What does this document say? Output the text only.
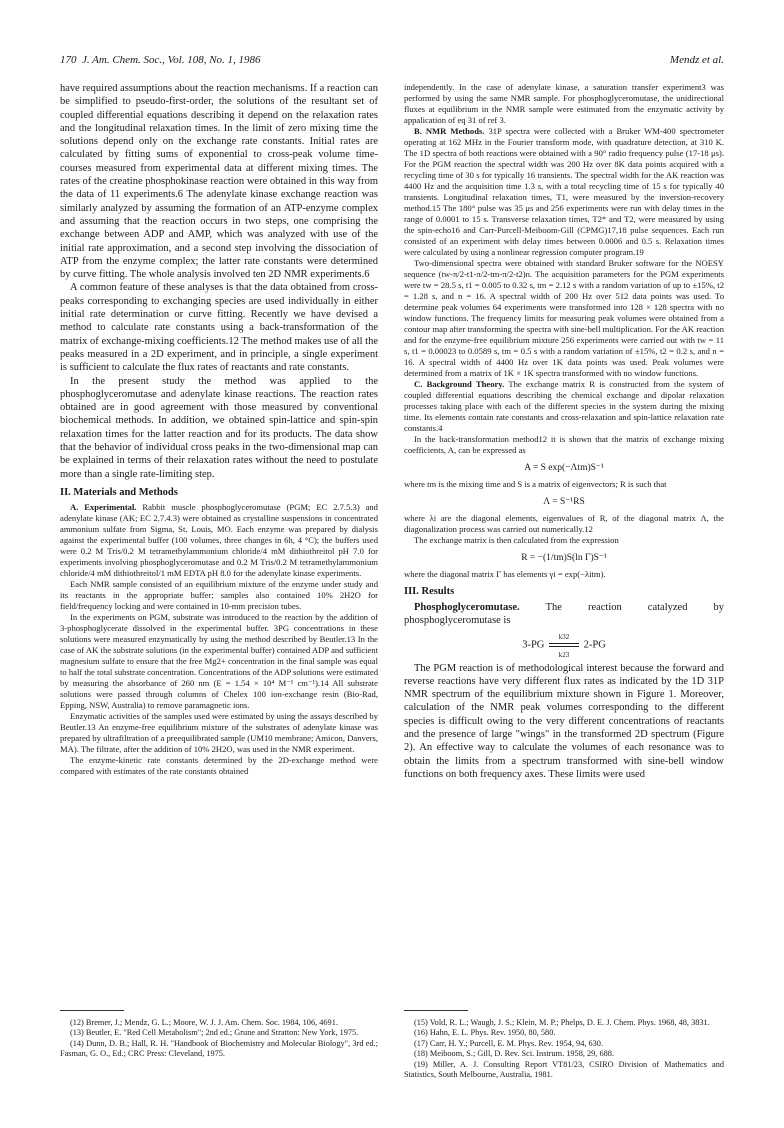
170 J. Am. Chem. Soc., Vol. 108, No. 1, 1986	Mendz et al.

have required assumptions about the reaction mechanisms. If a reaction can be simplified to pseudo-first-order, the solutions of the resultant set of coupled differential equations describing it depend on the relaxation rates and the longitudinal relaxation times. In the limit of zero mixing time the solutions depend only on the exchange rate constants. Initial rates are calculated by fitting sums of exponential to cross-peak volume time-courses measured from experimental data at different mixing times. The rates of the creatine phosphokinase reaction were obtained in this way from the data of 11 experiments.6 The adenylate kinase exchange reaction was similarly analyzed by assuming the formation of an ATP-enzyme complex and assuming that the reaction occurs in two steps, one comprising the exchange between ADP and AMP, which was analyzed with use of the initial rate approximation, and a second step involving the dissociation of ATP from the enzyme complex; the latter rate constants were determined by curve fitting. The whole analysis involved ten 2D NMR experiments.6

A common feature of these analyses is that the data obtained from cross-peaks corresponding to exchanging species are used individually in either initial rate determination or curve fitting. Recently we have devised a method to calculate rate constants using a back-transformation of the matrix of exchange-mixing coefficients.12 The method makes use of all the peaks measured in a 2D experiment, and in principle, a single experiment is sufficient to calculate the flux rates of reactants and rate constants.

In the present study the method was applied to the phosphoglyceromutase and adenylate kinase reactions. The reaction rates obtained are in good agreement with those measured by conventional biochemical methods. In addition, we obtained spin-lattice and spin-spin relaxation times for the latter reaction and for its products. The data show that the behavior of individual cross peaks in the two-dimensional map can be explained in terms of their relaxation rates without the need to postulate more than a single rate-limiting step.

II. Materials and Methods

A. Experimental. Rabbit muscle phosphoglyceromutase (PGM; EC 2.7.5.3) and adenylate kinase (AK; EC 2.7.4.3) were obtained as crystalline suspensions in concentrated ammonium sulfate from Sigma, St. Louis, MO. Each enzyme was prepared by dialysis against the experimental buffer (100 volumes, three changes in 6h, 4 °C); the buffers used were 0.2 M Tris/0.2 M tetramethylammonium chloride/4 mM dithiothreitol pH 7.0 for experiments involving phosphoglyceromutase and 0.2 M Tris/0.2 M tetramethylammonium chloride/4 mM dithiothreitol/1 mM EDTA pH 8.0 for the adenylate kinase experiments.

Each NMR sample consisted of an equilibrium mixture of the enzyme under study and its reactants in the appropriate buffer; samples also contained 10% 2H2O for field/frequency locking and were contained in 10-mm precision tubes.

In the experiments on PGM, substrate was introduced to the reaction by the addition of 3-phosphoglycerate dissolved in the experimental buffer. 3PG concentrations in these solutions were measured enzymatically by using the method described by Beutler.13 In the case of AK the substrate solutions (in the experimental buffer) contained ADP and sufficient magnesium sulfate to ensure that the free Mg2+ concentration in the final sample was equal to half the total substrate concentration. Concentrations of the ADP solutions were estimated by measuring the absorbance of 260 nm (E = 1.54 × 10⁴ M⁻¹ cm⁻¹).14 All substrate solutions were passed through columns of Chelex 100 ion-exchange resin (Bio-Rad, Epping, NSW, Australia) to remove paramagnetic ions.

Enzymatic activities of the samples used were estimated by using the assays described by Beutler.13 An enzyme-free equilibrium mixture of the substrates of adenylate kinase was prepared by ultrafiltration of a preequilibrated sample (UM10 membrane; Amicon, Danvers, MA). The filtrate, after the addition of 10% 2H2O, was used in the NMR experiment.

The enzyme-kinetic rate constants determined by the 2D-exchange method were compared with estimates of the rate constants obtained

independently. In the case of adenylate kinase, a saturation transfer experiment3 was performed by using the same NMR sample. For phosphoglyceromutase, the unidirectional fluxes at equilibrium in the NMR sample were estimated from the enzymatic activity by appalication of eq 31 of ref 3.

B. NMR Methods. 31P spectra were collected with a Bruker WM-400 spectrometer operating at 162 MHz in the Fourier transform mode, with quadrature detection, at 310 K. The 1D spectra of both reactions were obtained with a 90° radio frequency pulse (17-18 μs). For the PGM reaction the spectral width was 200 Hz over 8K data points acquired with a recycling time of 30 s for typically 16 transients. The spectral width for the AK reaction was 4400 Hz and the acquisition time 1.3 s, with a total recycling time of 15 s for typically 40 transients. Longitudinal relaxation times, T1, were measured by the inversion-recovery method.15 The 180° pulse was 35 μs and 256 experiments were run with delay times in the range of 0.0001 to 15 s. Transverse relaxation times, T2* and T2, were measured by using the spin-echo16 and Carr-Purcell-Meiboom-Gill (CPMG)17,18 pulse sequences. Each run consisted of an experiment with delay times between 0.0006 and 0.5 s. Relaxation times were calculated by using a nonlinear regression computer program.19

Two-dimensional spectra were obtained with standard Bruker software for the NOESY sequence (tw-π/2-t1-π/2-tm-π/2-t2)n. The acquisition parameters for the PGM experiments were tw = 28.5 s, t1 = 0.005 to 0.32 s, tm = 2.12 s with a random variation of up to ±15%, t2 = 1.28 s, and n = 16. A spectral width of 200 Hz over 512 data points was used. To determine peak volumes 64 experiments were transformed into 128 × 128 spectra with no window functions. The frequency limits for measuring peak volumes were obtained from a contour map after transforming the spectra with sine-bell multiplication. For the AK reaction and for the enzyme-free equilibrium mixture 256 experiments were carried out with tw = 11 s, t1 = 0.00023 to 0.0589 s, tm = 0.5 s with a random variation of ±15%, t2 = 0.2 s, and n = 16. A spectral width of 4400 Hz over 1K data points was used. Peak volumes were determined from a matrix of 1K × 1K spectra transformed with no window functions.

C. Background Theory. The exchange matrix R is constructed from the system of coupled differential equations describing the chemical exchange and dipolar relaxation processes taking place with each of the different species in the system during the mixing time. Its elements contain rate constants and cross-relaxation and spin-lattice relaxation rate constants.4

In the back-transformation method12 it is shown that the matrix of exchange mixing coefficients, A, can be expressed as

A = S exp(−Λtm)S⁻¹

where tm is the mixing time and S is a matrix of eigenvectors; R is such that

Λ = S⁻¹RS

where λi are the diagonal elements, eigenvalues of R, of the diagonal matrix Λ, the diagonalization process was carried out numerically.12

The exchange matrix is then calculated from the expression

R = −(1/tm)S(ln Γ)S⁻¹

where the diagonal matrix Γ has elements γi = exp(−λitm).

III. Results

Phosphoglyceromutase. The reaction catalyzed by phosphoglyceromutase is

$3-PG \frac{k32}{k23} 2-PG$

The PGM reaction is of methodological interest because the forward and reverse reactions have very different flux rates as indicated by the 1D 31P NMR spectrum of the equilibrium mixture shown in Figure 1. Moreover, calculation of the NMR peak volumes corresponding to the different species is difficult owing to the very different concentrations of reactants and the presence of large "wings" in the transformed 2D spectrum (Figure 2). An effective way to calculate the volumes of each resonance was to obtain the limits from a spectrum transformed with sine-bell window functions on both frequency axes. These limits were used

(12) Bremer, J.; Mendz, G. L.; Moore, W. J. J. Am. Chem. Soc. 1984, 106, 4691.

(13) Beutler, E. "Red Cell Metabolism"; 2nd ed.; Grune and Stratton: New York, 1975.

(14) Dunn, D. B.; Hall, R. H. "Handbook of Biochemistry and Molecular Biology", 3rd ed.; Fasman, G. O., Ed.; CRC Press: Cleveland, 1975.

(15) Vold, R. L.; Waugh, J. S.; Klein, M. P.; Phelps, D. E. J. Chem. Phys. 1968, 48, 3831.

(16) Hahn, E. L. Phys. Rev. 1950, 80, 580.

(17) Carr, H. Y.; Purcell, E. M. Phys. Rev. 1954, 94, 630.

(18) Meiboom, S.; Gill, D. Rev. Sci. Instrum. 1958, 29, 688.

(19) Miller, A. J. Consulting Report VT81/23, CSIRO Division of Mathematics and Statistics, South Melbourne, Australia, 1981.
